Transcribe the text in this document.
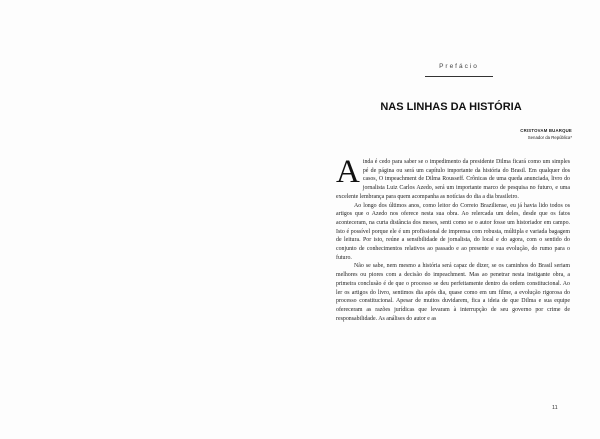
Prefácio
NAS LINHAS DA HISTÓRIA
CRISTOVAM BUARQUE
Senador da República*

Ainda é cedo para saber se o impedimento da presidente Dilma ficará como um simples pé de página ou será um capítulo importante da história do Brasil. Em qualquer dos casos, O impeachment de Dilma Rousseff. Crônicas de uma queda anunciada, livro do jornalista Luiz Carlos Azedo, será um importante marco de pesquisa no futuro, e uma excelente lembrança para quem acompanha as notícias do dia a dia brasileiro.

Ao longo dos últimos anos, como leitor do Correio Braziliense, eu já havia lido todos os artigos que o Azedo nos oferece nesta sua obra. Ao relercada um deles, desde que os fatos aconteceram, na curta distância dos meses, senti como se o autor fosse um historiador em campo. Isto é possível porque ele é um profissional de imprensa com robusta, múltipla e variada bagagem de leitura. Por isto, reúne a sensibilidade de jornalista, do local e do agora, com o sentido do conjunto de conhecimentos relativos ao passado e ao presente e sua evolução, do rumo para o futuro.

Não se sabe, nem mesmo a história será capaz de dizer, se os caminhos do Brasil seriam melhores ou piores com a decisão do impeachment. Mas ao penetrar nesta instigante obra, a primeira conclusão é de que o processo se deu perfeitamente dentro da ordem constitucional. Ao ler os artigos do livro, sentimos dia após dia, quase como em um filme, a evolução rigorosa do processo constitucional. Apesar de muitos duvidarem, fica a ideia de que Dilma e sua equipe ofereceram as razões jurídicas que levaram à interrupção de seu governo por crime de responsabilidade. As análises do autor e as

11
